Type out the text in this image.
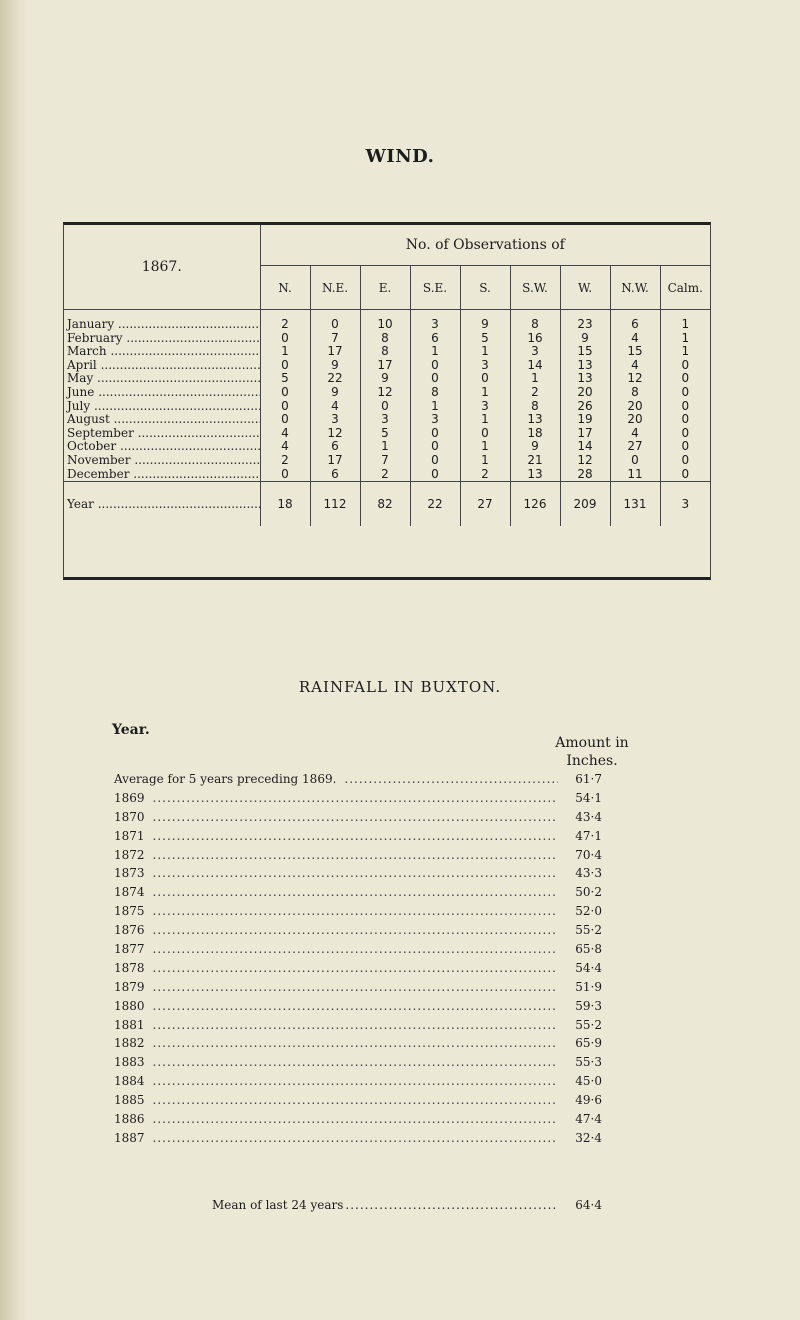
WIND.
1867.	No. of Observations of								
	N.	N.E.	E.	S.E.	S.	S.W.	W.	N.W.	Calm.
January .....	2	0	10	3	9	8	23	6	1
February .....	0	7	8	6	5	16	9	4	1
March .....	1	17	8	1	1	3	15	15	1
April .....	0	9	17	0	3	14	13	4	0
May .....	5	22	9	0	0	1	13	12	0
June .....	0	9	12	8	1	2	20	8	0
July .....	0	4	0	1	3	8	26	20	0
August .....	0	3	3	3	1	13	19	20	0
September .....	4	12	5	0	0	18	17	4	0
October .....	4	6	1	0	1	9	14	27	0
November .....	2	17	7	0	1	21	12	0	0
December .....	0	6	2	0	2	13	28	11	0
Year .....	18	112	82	22	27	126	209	131	3
RAINFALL IN BUXTON.
Year.
Amount in
Inches.
Average for 5 years preceding 1869. .....	61·7
1869 .....	54·1
1870 .....	43·4
1871 .....	47·1
1872 .....	70·4
1873 .....	43·3
1874 .....	50·2
1875 .....	52·0
1876 .....	55·2
1877 .....	65·8
1878 .....	54·4
1879 .....	51·9
1880 .....	59·3
1881 .....	55·2
1882 .....	65·9
1883 .....	55·3
1884 .....	45·0
1885 .....	49·6
1886 .....	47·4
1887 .....	32·4
Mean of last 24 years .....	64·4
